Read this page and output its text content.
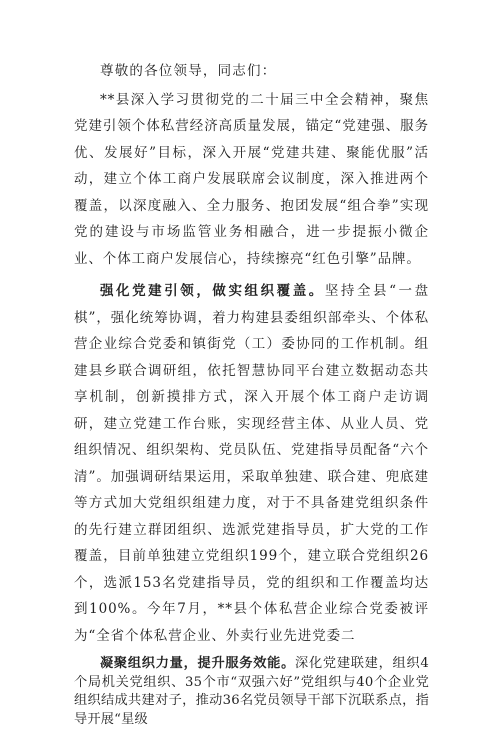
尊敬的各位领导，同志们：

**县深入学习贯彻党的二十届三中全会精神，聚焦党建引领个体私营经济高质量发展，锚定“党建强、服务优、发展好”目标，深入开展“党建共建、聚能优服”活动，建立个体工商户发展联席会议制度，深入推进两个覆盖，以深度融入、全力服务、抱团发展“组合拳”实现党的建设与市场监管业务相融合，进一步提振小微企业、个体工商户发展信心，持续擦亮“红色引擎”品牌。

强化党建引领，做实组织覆盖。坚持全县“一盘棋”，强化统筹协调，着力构建县委组织部牵头、个体私营企业综合党委和镇街党（工）委协同的工作机制。组建县乡联合调研组，依托智慧协同平台建立数据动态共享机制，创新摸排方式，深入开展个体工商户走访调研，建立党建工作台账，实现经营主体、从业人员、党组织情况、组织架构、党员队伍、党建指导员配备“六个清”。加强调研结果运用，采取单独建、联合建、兜底建等方式加大党组织组建力度，对于不具备建党组织条件的先行建立群团组织、选派党建指导员，扩大党的工作覆盖，目前单独建立党组织199个，建立联合党组织26个，选派153名党建指导员，党的组织和工作覆盖均达到100%。今年7月，**县个体私营企业综合党委被评为“全省个体私营企业、外卖行业先进党委二

凝聚组织力量，提升服务效能。深化党建联建，组织4个局机关党组织、35个市“双强六好”党组织与40个企业党组织结成共建对子，推动36名党员领导干部下沉联系点，指导开展“星级
